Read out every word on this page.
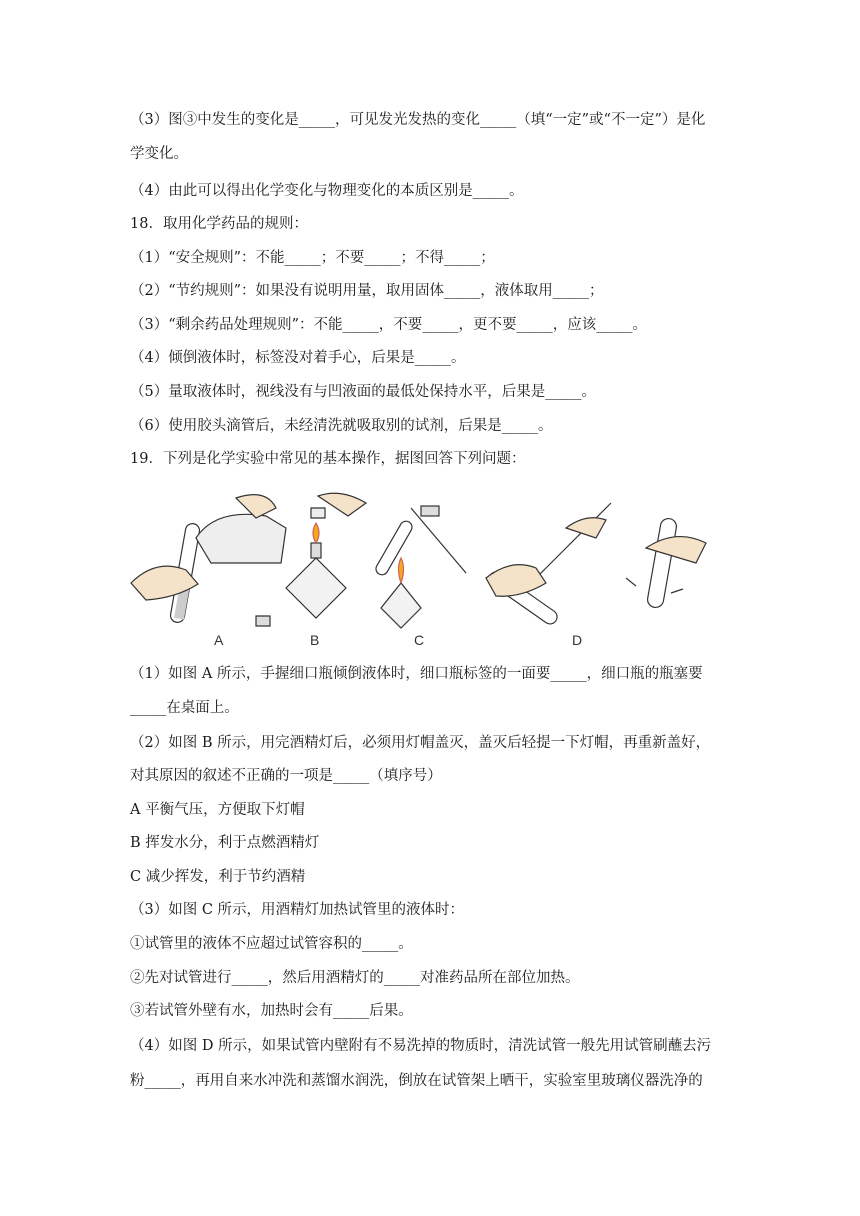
（3）图③中发生的变化是_____，可见发光发热的变化_____（填“一定”或“不一定”）是化
学变化。
（4）由此可以得出化学变化与物理变化的本质区别是_____。
18．取用化学药品的规则：
（1）“安全规则”：不能_____；不要_____；不得_____；
（2）“节约规则”：如果没有说明用量，取用固体_____，液体取用_____；
（3）“剩余药品处理规则”：不能_____，不要_____，更不要_____，应该_____。
（4）倾倒液体时，标签没对着手心，后果是_____。
（5）量取液体时，视线没有与凹液面的最低处保持水平，后果是_____。
（6）使用胶头滴管后，未经清洗就吸取别的试剂，后果是_____。
19．下列是化学实验中常见的基本操作，据图回答下列问题：
A	B	C	D
（1）如图 A 所示，手握细口瓶倾倒液体时，细口瓶标签的一面要_____，细口瓶的瓶塞要
_____在桌面上。
（2）如图 B 所示，用完酒精灯后，必须用灯帽盖灭，盖灭后轻提一下灯帽，再重新盖好，
对其原因的叙述不正确的一项是_____（填序号）
A 平衡气压，方便取下灯帽
B 挥发水分，利于点燃酒精灯
C 减少挥发，利于节约酒精
（3）如图 C 所示，用酒精灯加热试管里的液体时：
①试管里的液体不应超过试管容积的_____。
②先对试管进行_____，然后用酒精灯的_____对准药品所在部位加热。
③若试管外壁有水，加热时会有_____后果。
（4）如图 D 所示，如果试管内壁附有不易洗掉的物质时，清洗试管一般先用试管刷蘸去污
粉_____，再用自来水冲洗和蒸馏水润洗，倒放在试管架上晒干，实验室里玻璃仪器洗净的
